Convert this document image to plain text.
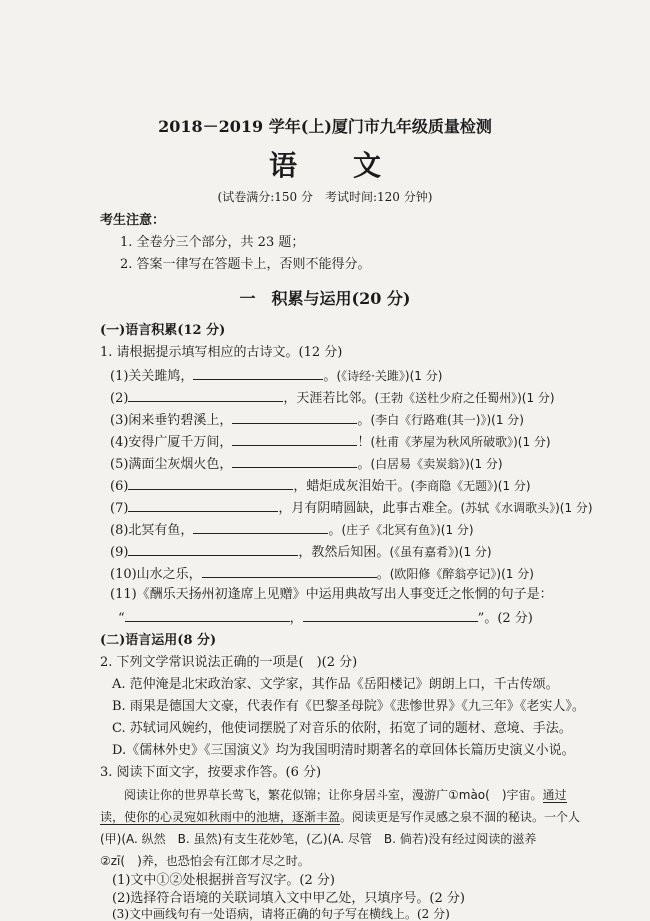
2018－2019 学年(上)厦门市九年级质量检测
语　　文
(试卷满分:150 分　考试时间:120 分钟)
考生注意：
1. 全卷分三个部分，共 23 题；
2. 答案一律写在答题卡上，否则不能得分。
一　积累与运用(20 分)
(一)语言积累(12 分)
1. 请根据提示填写相应的古诗文。(12 分)
(1)关关雎鸠，	。(《诗经·关雎》)(1 分)
(2)	，天涯若比邻。(王勃《送杜少府之任蜀州》)(1 分)
(3)闲来垂钓碧溪上，	。(李白《行路难(其一)》)(1 分)
(4)安得广厦千万间，	！(杜甫《茅屋为秋风所破歌》)(1 分)
(5)满面尘灰烟火色，	。(白居易《卖炭翁》)(1 分)
(6)	，蜡炬成灰泪始干。(李商隐《无题》)(1 分)
(7)	，月有阴晴圆缺，此事古难全。(苏轼《水调歌头》)(1 分)
(8)北冥有鱼，	。(庄子《北冥有鱼》)(1 分)
(9)	，教然后知困。(《虽有嘉肴》)(1 分)
(10)山水之乐，	。(欧阳修《醉翁亭记》)(1 分)
(11)《酬乐天扬州初逢席上见赠》中运用典故写出人事变迁之怅惘的句子是：
“	，	”。(2 分)
(二)语言运用(8 分)
2. 下列文学常识说法正确的一项是(　)(2 分)
A. 范仲淹是北宋政治家、文学家，其作品《岳阳楼记》朗朗上口，千古传颂。
B. 雨果是德国大文豪，代表作有《巴黎圣母院》《悲惨世界》《九三年》《老实人》。
C. 苏轼词风婉约，他使词摆脱了对音乐的依附，拓宽了词的题材、意境、手法。
D.《儒林外史》《三国演义》均为我国明清时期著名的章回体长篇历史演义小说。
3. 阅读下面文字，按要求作答。(6 分)
　　阅读让你的世界草长莺飞，繁花似锦；让你身居斗室，漫游广①mào(　)宇宙。通过
读，使你的心灵宛如秋雨中的池塘，逐渐丰盈。阅读更是写作灵感之泉不涸的秘诀。一个人
(甲)(A. 纵然　B. 虽然)有支生花妙笔，(乙)(A. 尽管　B. 倘若)没有经过阅读的滋养
②zī(　)养，也恐怕会有江郎才尽之时。
(1)文中①②处根据拼音写汉字。(2 分)
(2)选择符合语境的关联词填入文中甲乙处，只填序号。(2 分)
(3)文中画线句有一处语病，请将正确的句子写在横线上。(2 分)
